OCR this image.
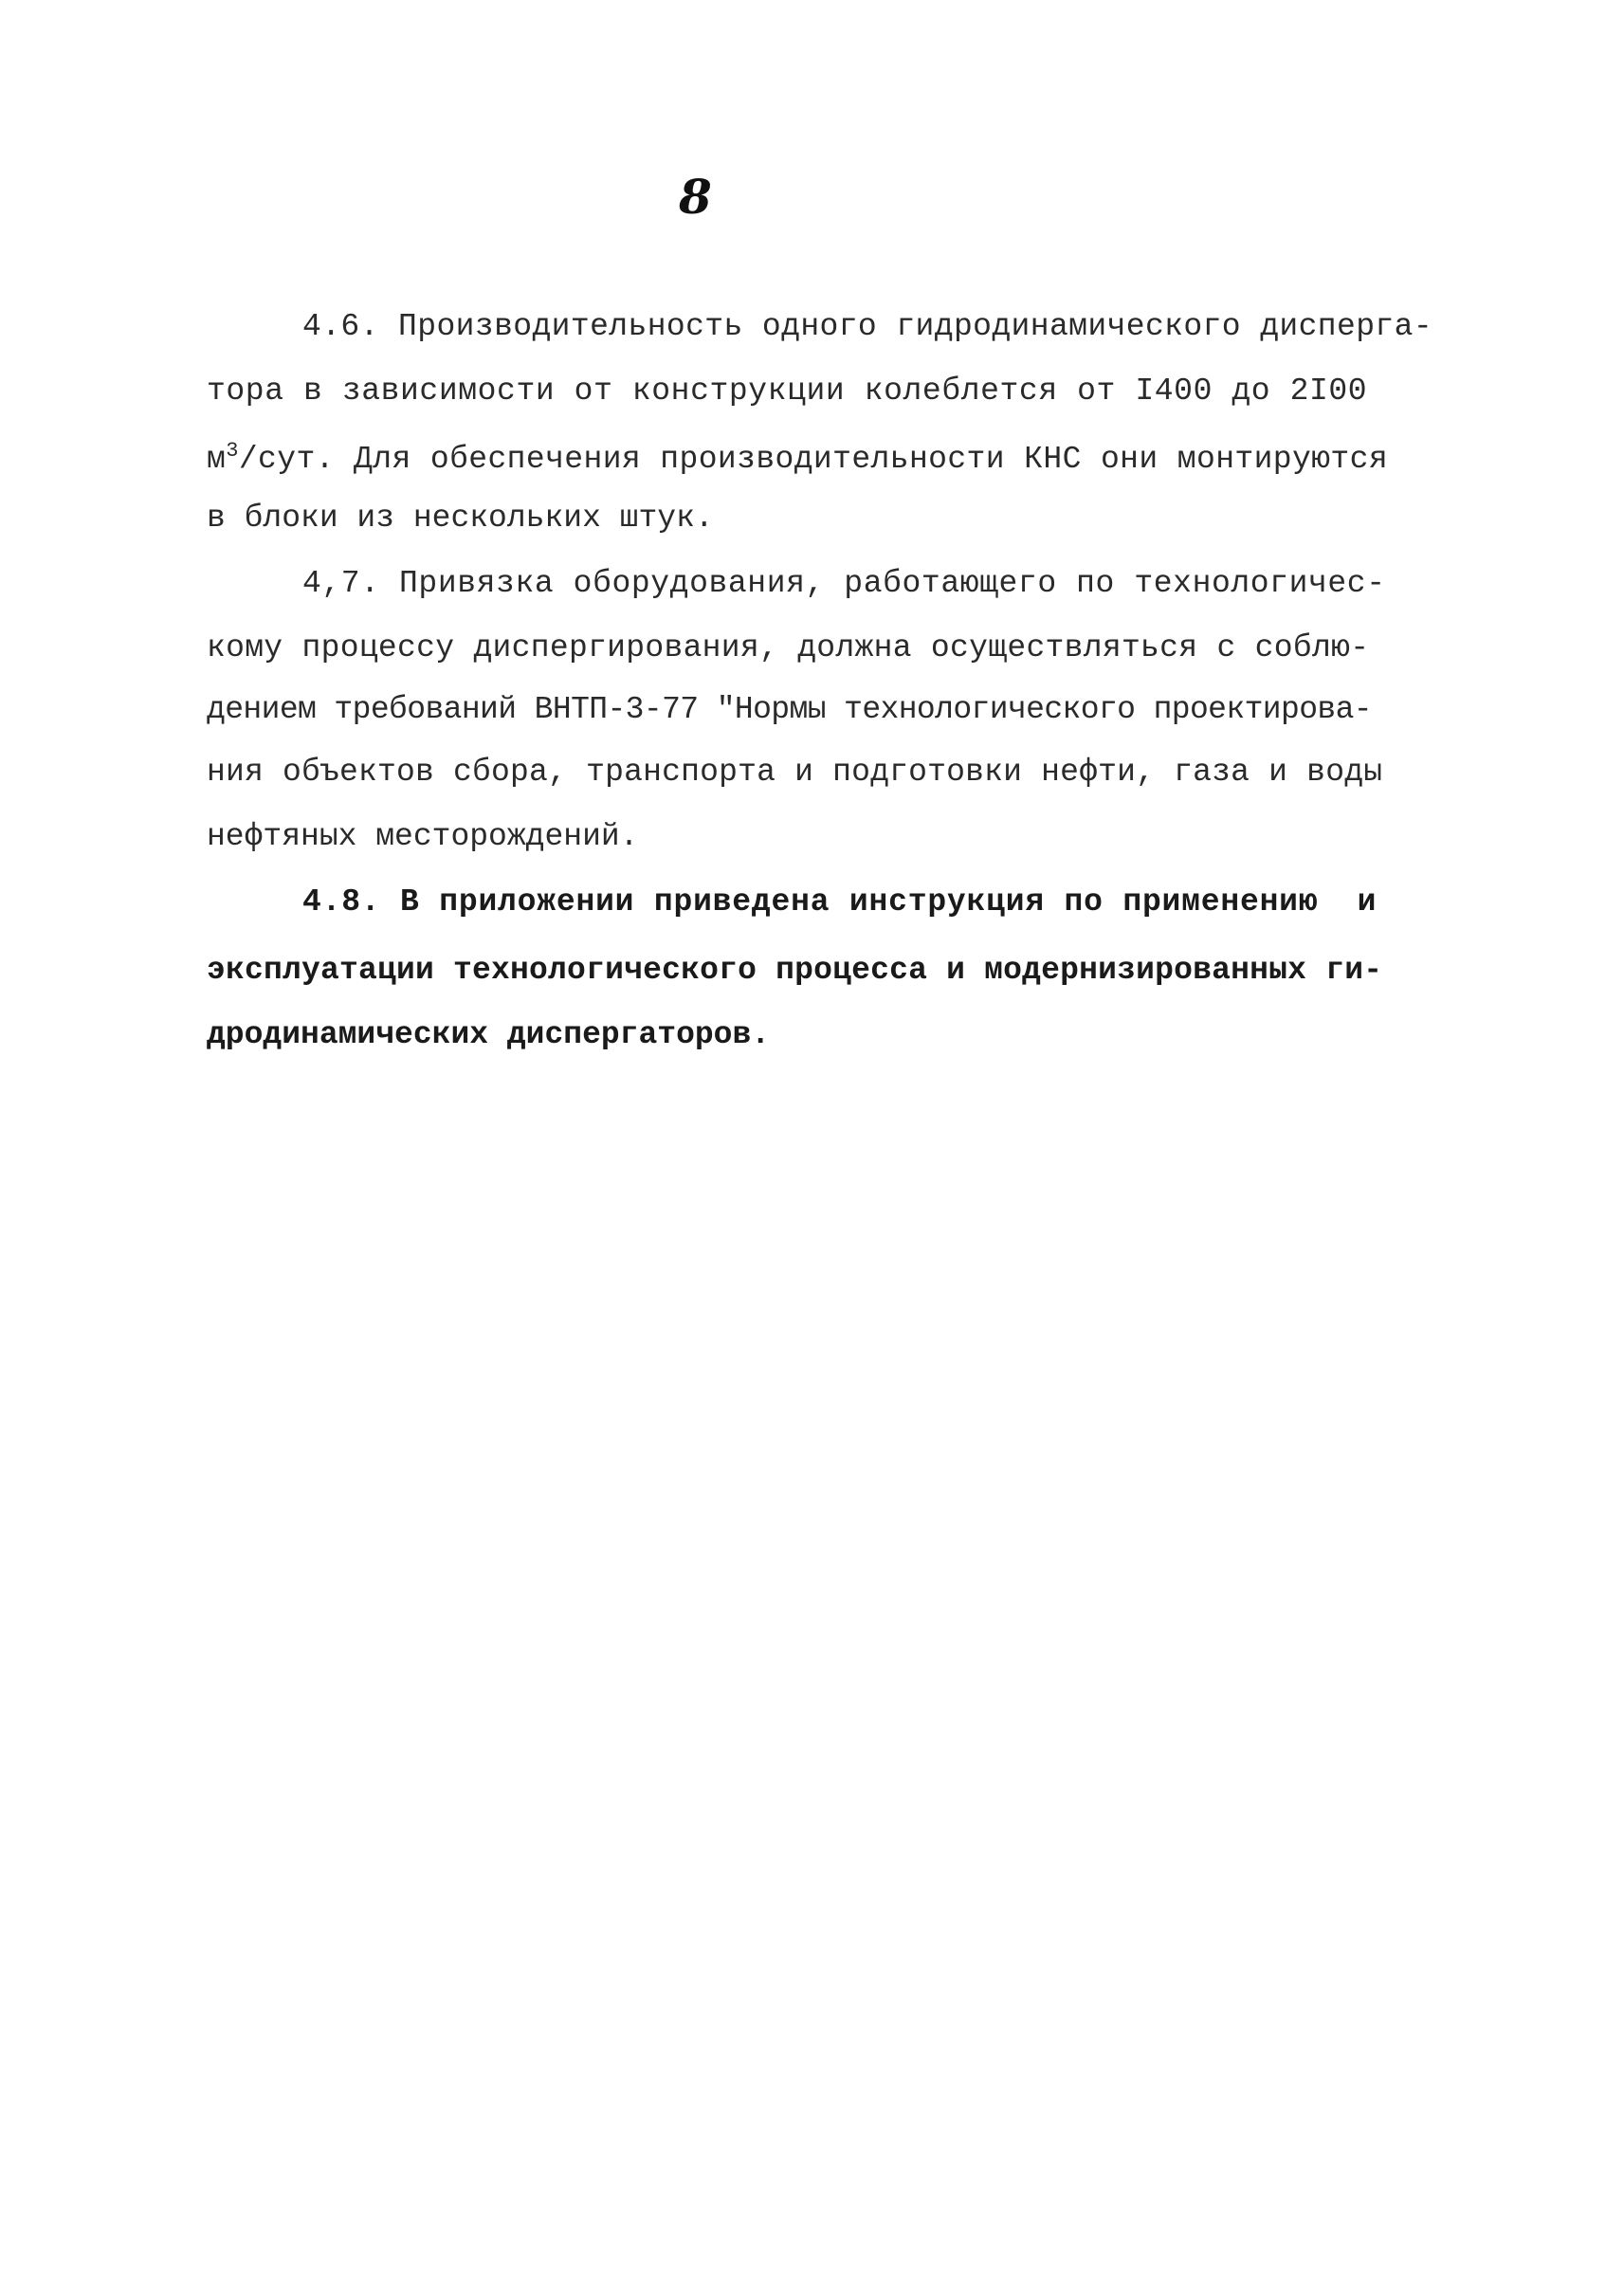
8
4.6. Производительность одного гидродинамического дисперга-
тора в зависимости от конструкции колеблется от I400 до 2I00
$м^3$/сут. Для обеспечения производительности КНС они монтируются
в блоки из нескольких штук.
4,7. Привязка оборудования, работающего по технологичес-
кому процессу диспергирования, должна осуществляться с соблю-
дением требований ВНТП-3-77 "Нормы технологического проектирова-
ния объектов сбора, транспорта и подготовки нефти, газа и воды
нефтяных месторождений.
4.8. В приложении приведена инструкция по применению  и
эксплуатации технологического процесса и модернизированных ги-
дродинамических диспергаторов.
